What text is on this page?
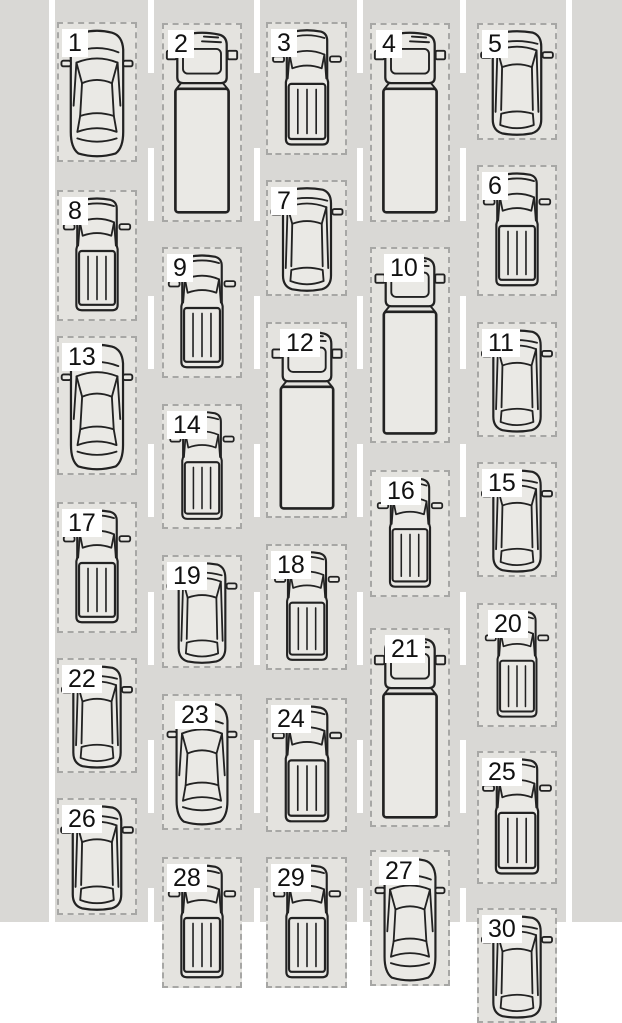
1
8
13
17
22
26
2
9
14
19
23
28
3
7
12
18
24
29
4
10
16
21
27
5
6
11
15
20
25
30
